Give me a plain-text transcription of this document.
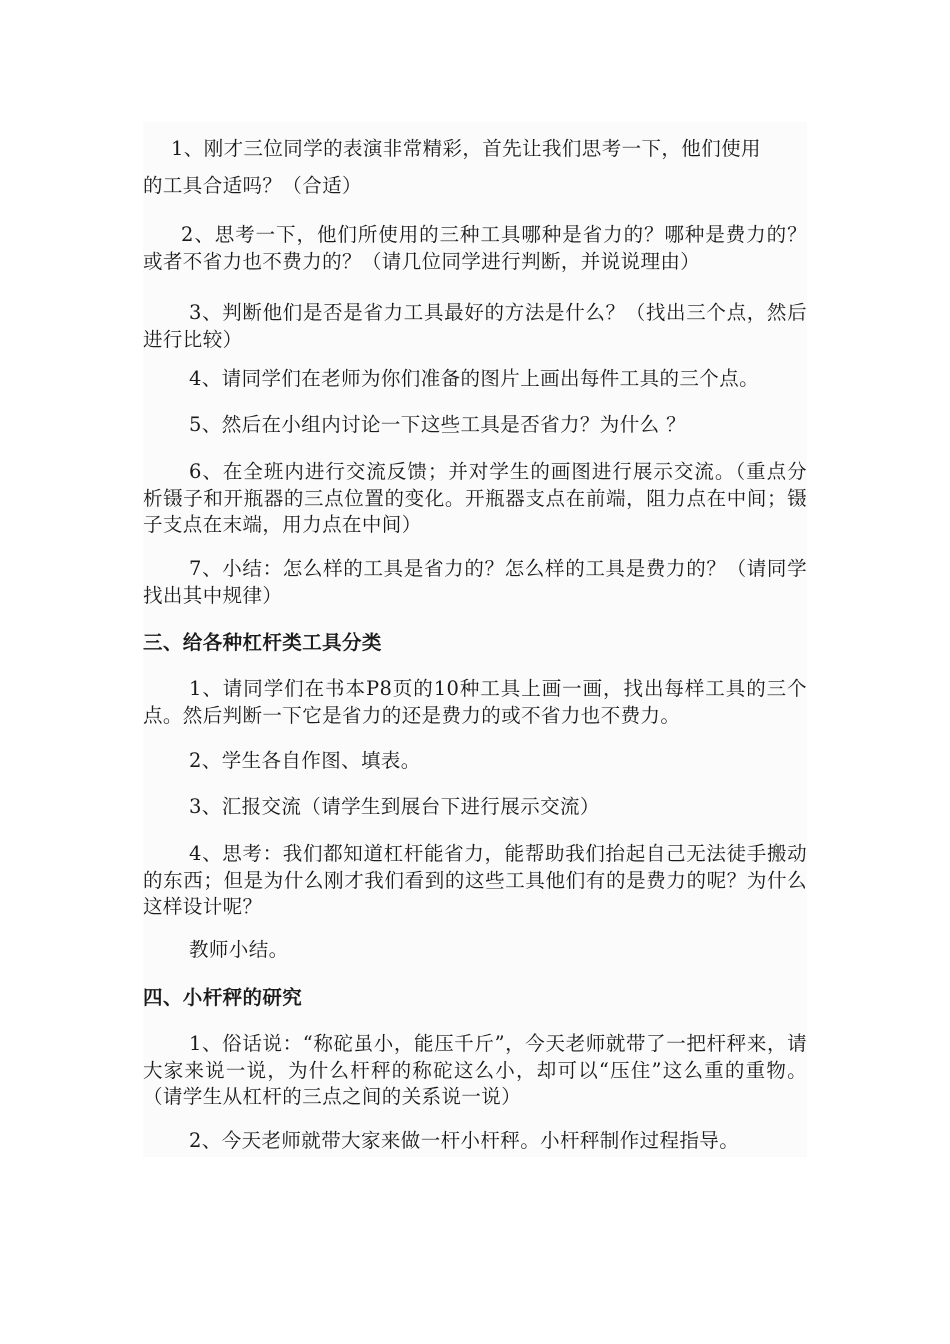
1、刚才三位同学的表演非常精彩，首先让我们思考一下，他们使用
的工具合适吗？（合适）

2、思考一下，他们所使用的三种工具哪种是省力的？哪种是费力的？或者不省力也不费力的？（请几位同学进行判断，并说说理由）

3、判断他们是否是省力工具最好的方法是什么？（找出三个点，然后进行比较）

4、请同学们在老师为你们准备的图片上画出每件工具的三个点。

5、然后在小组内讨论一下这些工具是否省力？为什么 ？

6、在全班内进行交流反馈；并对学生的画图进行展示交流。（重点分析镊子和开瓶器的三点位置的变化。开瓶器支点在前端，阻力点在中间；镊子支点在末端，用力点在中间）

7、小结：怎么样的工具是省力的？怎么样的工具是费力的？（请同学找出其中规律）

三、给各种杠杆类工具分类

1、请同学们在书本P8页的10种工具上画一画，找出每样工具的三个点。然后判断一下它是省力的还是费力的或不省力也不费力。

2、学生各自作图、填表。

3、汇报交流（请学生到展台下进行展示交流）

4、思考：我们都知道杠杆能省力，能帮助我们抬起自己无法徒手搬动的东西；但是为什么刚才我们看到的这些工具他们有的是费力的呢？为什么这样设计呢？

教师小结。

四、小杆秤的研究

1、俗话说：“称砣虽小，能压千斤”，今天老师就带了一把杆秤来，请大家来说一说，为什么杆秤的称砣这么小，却可以“压住”这么重的重物。（请学生从杠杆的三点之间的关系说一说）

2、今天老师就带大家来做一杆小杆秤。小杆秤制作过程指导。
